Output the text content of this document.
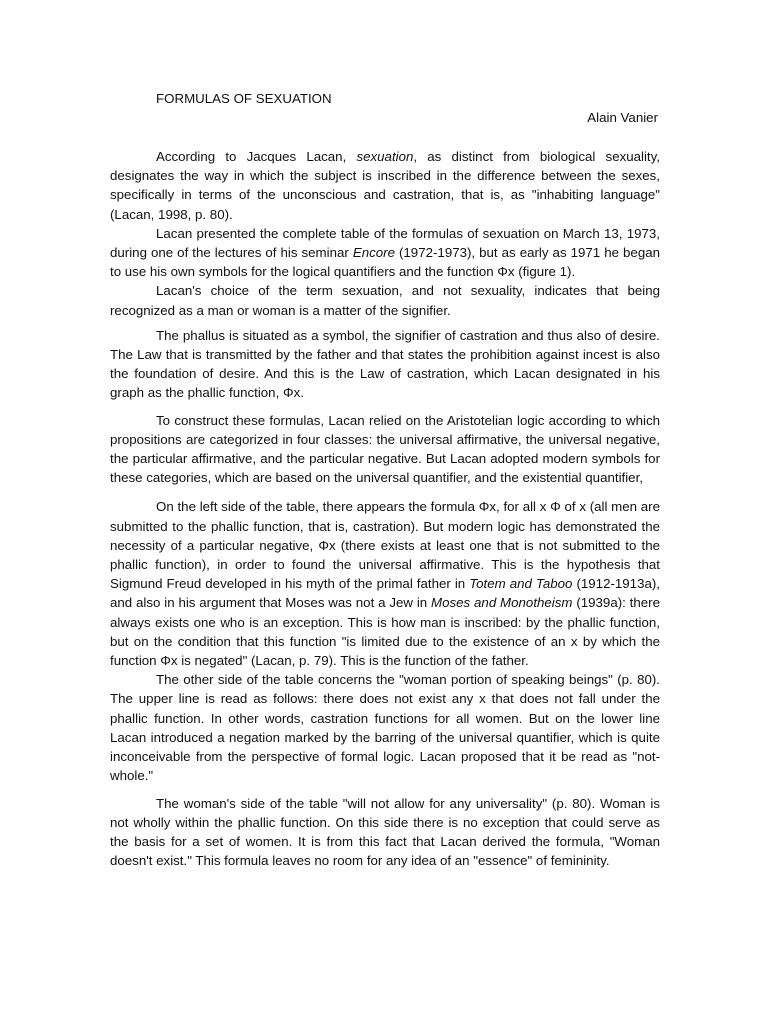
FORMULAS OF SEXUATION
Alain Vanier

According to Jacques Lacan, sexuation, as distinct from biological sexuality, designates the way in which the subject is inscribed in the difference between the sexes, specifically in terms of the unconscious and castration, that is, as "inhabiting language" (Lacan, 1998, p. 80).

Lacan presented the complete table of the formulas of sexuation on March 13, 1973, during one of the lectures of his seminar Encore (1972-1973), but as early as 1971 he began to use his own symbols for the logical quantifiers and the function Φx (figure 1).

Lacan's choice of the term sexuation, and not sexuality, indicates that being recognized as a man or woman is a matter of the signifier.

The phallus is situated as a symbol, the signifier of castration and thus also of desire. The Law that is transmitted by the father and that states the prohibition against incest is also the foundation of desire. And this is the Law of castration, which Lacan designated in his graph as the phallic function, Φx.

To construct these formulas, Lacan relied on the Aristotelian logic according to which propositions are categorized in four classes: the universal affirmative, the universal negative, the particular affirmative, and the particular negative. But Lacan adopted modern symbols for these categories, which are based on the universal quantifier, and the existential quantifier,

On the left side of the table, there appears the formula Φx, for all x Φ of x (all men are submitted to the phallic function, that is, castration). But modern logic has demonstrated the necessity of a particular negative, Φx (there exists at least one that is not submitted to the phallic function), in order to found the universal affirmative. This is the hypothesis that Sigmund Freud developed in his myth of the primal father in Totem and Taboo (1912-1913a), and also in his argument that Moses was not a Jew in Moses and Monotheism (1939a): there always exists one who is an exception. This is how man is inscribed: by the phallic function, but on the condition that this function "is limited due to the existence of an x by which the function Φx is negated" (Lacan, p. 79). This is the function of the father.

The other side of the table concerns the "woman portion of speaking beings" (p. 80). The upper line is read as follows: there does not exist any x that does not fall under the phallic function. In other words, castration functions for all women. But on the lower line Lacan introduced a negation marked by the barring of the universal quantifier, which is quite inconceivable from the perspective of formal logic. Lacan proposed that it be read as "not-whole."

The woman's side of the table "will not allow for any universality" (p. 80). Woman is not wholly within the phallic function. On this side there is no exception that could serve as the basis for a set of women. It is from this fact that Lacan derived the formula, "Woman doesn't exist." This formula leaves no room for any idea of an "essence" of femininity.
